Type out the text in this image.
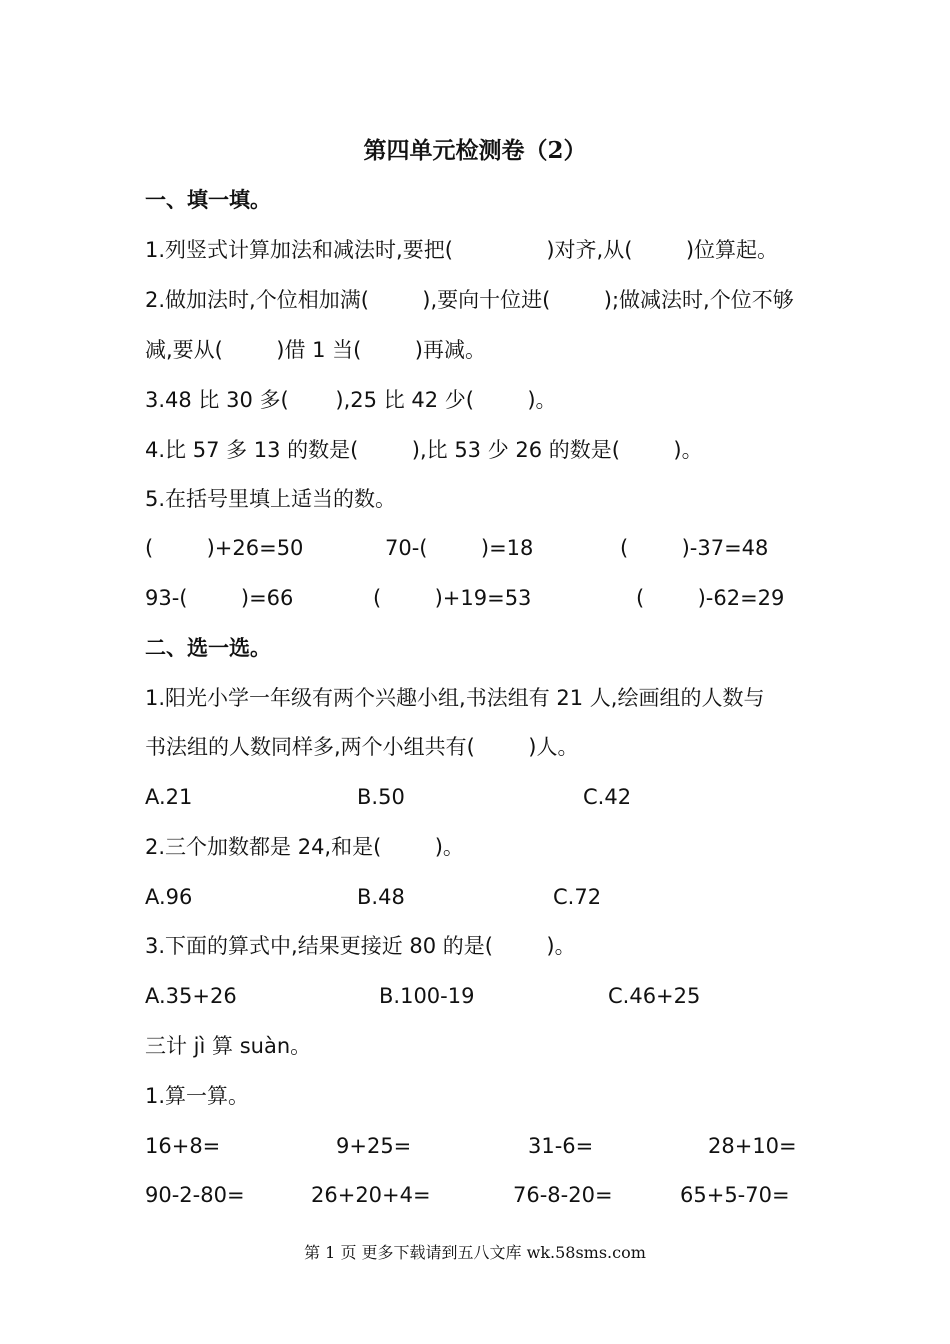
第四单元检测卷（2）
一、填一填。
1.列竖式计算加法和减法时,要把(              )对齐,从(        )位算起。
2.做加法时,个位相加满(        ),要向十位进(        );做减法时,个位不够
减,要从(        )借 1 当(        )再减。
3.48 比 30 多(       ),25 比 42 少(        )。
4.比 57 多 13 的数是(        ),比 53 少 26 的数是(        )。
5.在括号里填上适当的数。
(        )+26=50	70-(        )=18	(        )-37=48
93-(        )=66	(        )+19=53	(        )-62=29
二、选一选。
1.阳光小学一年级有两个兴趣小组,书法组有 21 人,绘画组的人数与
书法组的人数同样多,两个小组共有(        )人。
A.21	B.50	C.42
2.三个加数都是 24,和是(        )。
A.96	B.48	C.72
3.下面的算式中,结果更接近 80 的是(        )。
A.35+26	B.100-19	C.46+25
三计 jì 算 suàn。
1.算一算。
16+8=	9+25=	31-6=	28+10=
90-2-80=	26+20+4=	76-8-20=	65+5-70=
第 1 页 更多下载请到五八文库 wk.58sms.com
